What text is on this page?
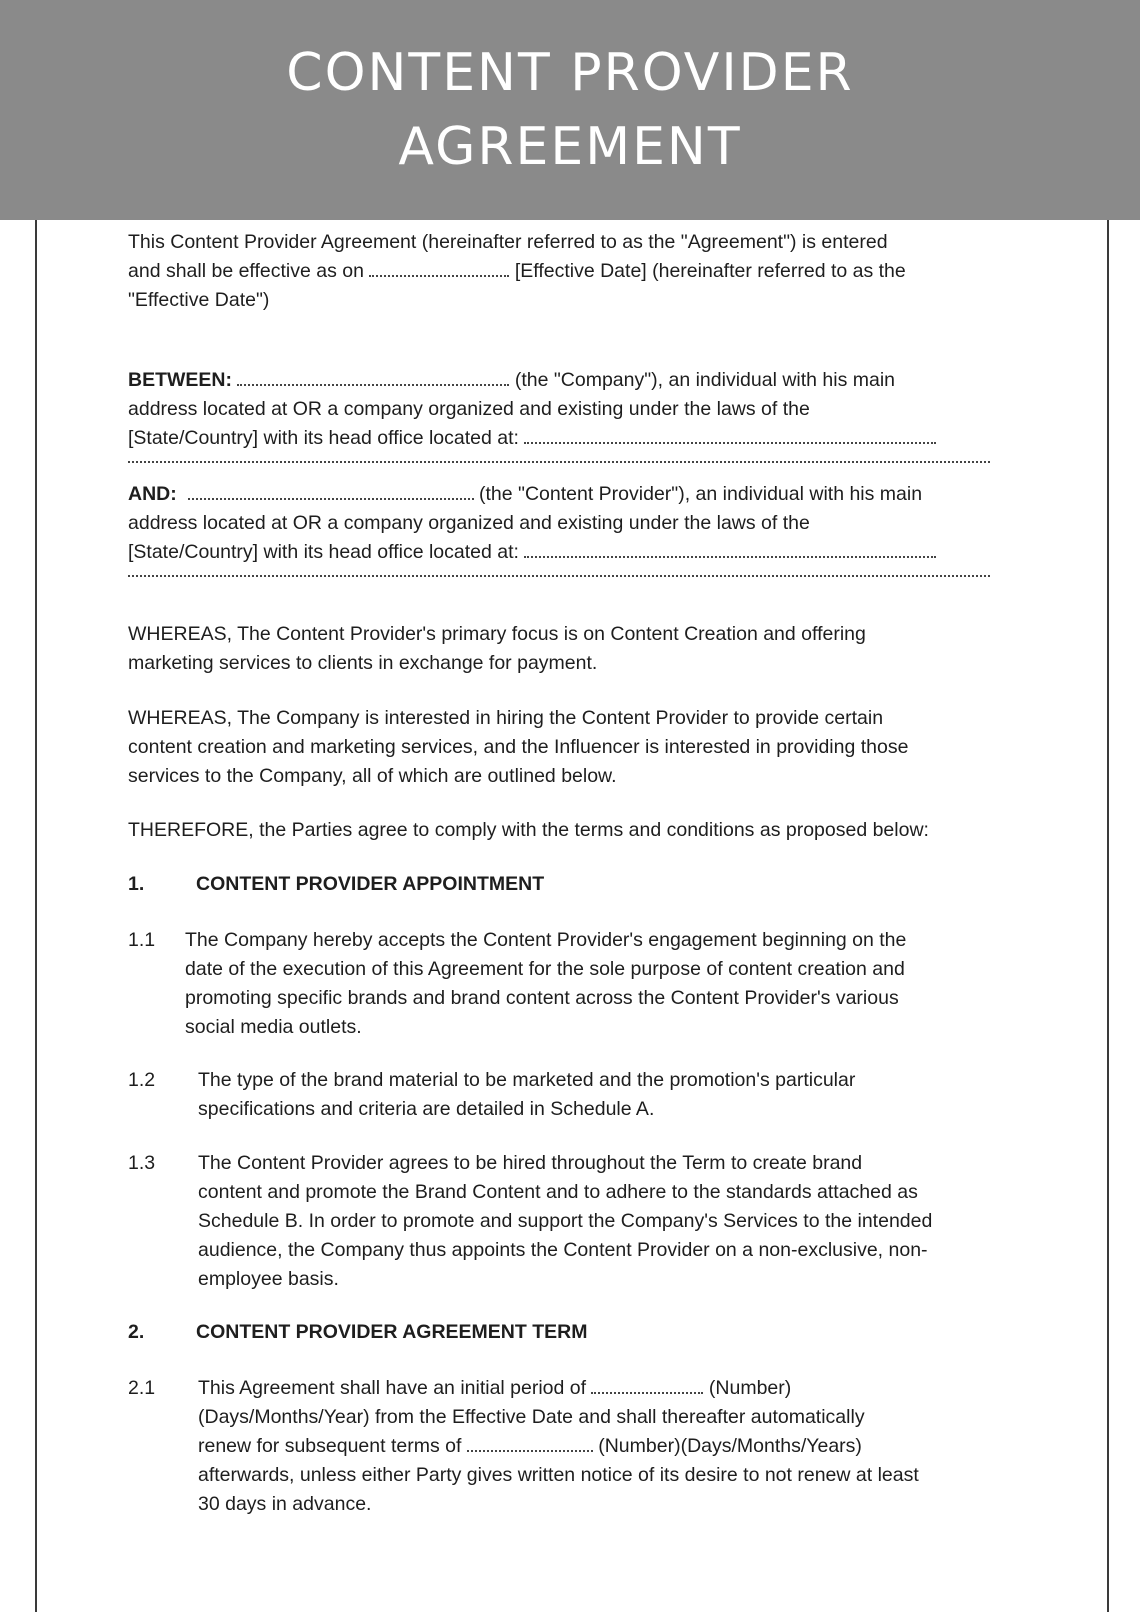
CONTENT PROVIDER
AGREEMENT

This Content Provider Agreement (hereinafter referred to as the "Agreement") is entered

and shall be effective as on	[Effective Date] (hereinafter referred to as the

"Effective Date")

BETWEEN:	(the "Company"), an individual with his main

address located at OR a company organized and existing under the laws of the

[State/Country] with its head office located at:

AND:	(the "Content Provider"), an individual with his main

address located at OR a company organized and existing under the laws of the

[State/Country] with its head office located at:

WHEREAS, The Content Provider's primary focus is on Content Creation and offering

marketing services to clients in exchange for payment.

WHEREAS, The Company is interested in hiring the Content Provider to provide certain

content creation and marketing services, and the Influencer is interested in providing those

services to the Company, all of which are outlined below.

THEREFORE, the Parties agree to comply with the terms and conditions as proposed below:

1.	CONTENT PROVIDER APPOINTMENT
1.1 The Company hereby accepts the Content Provider's engagement beginning on the

date of the execution of this Agreement for the sole purpose of content creation and

promoting specific brands and brand content across the Content Provider's various

social media outlets.

1.2 The type of the brand material to be marketed and the promotion's particular

specifications and criteria are detailed in Schedule A.

1.3 The Content Provider agrees to be hired throughout the Term to create brand

content and promote the Brand Content and to adhere to the standards attached as

Schedule B. In order to promote and support the Company's Services to the intended

audience, the Company thus appoints the Content Provider on a non-exclusive, non-

employee basis.

2.	CONTENT PROVIDER AGREEMENT TERM
2.1 This Agreement shall have an initial period of	(Number)

(Days/Months/Year) from the Effective Date and shall thereafter automatically

renew for subsequent terms of	(Number)(Days/Months/Years)

afterwards, unless either Party gives written notice of its desire to not renew at least

30 days in advance.
